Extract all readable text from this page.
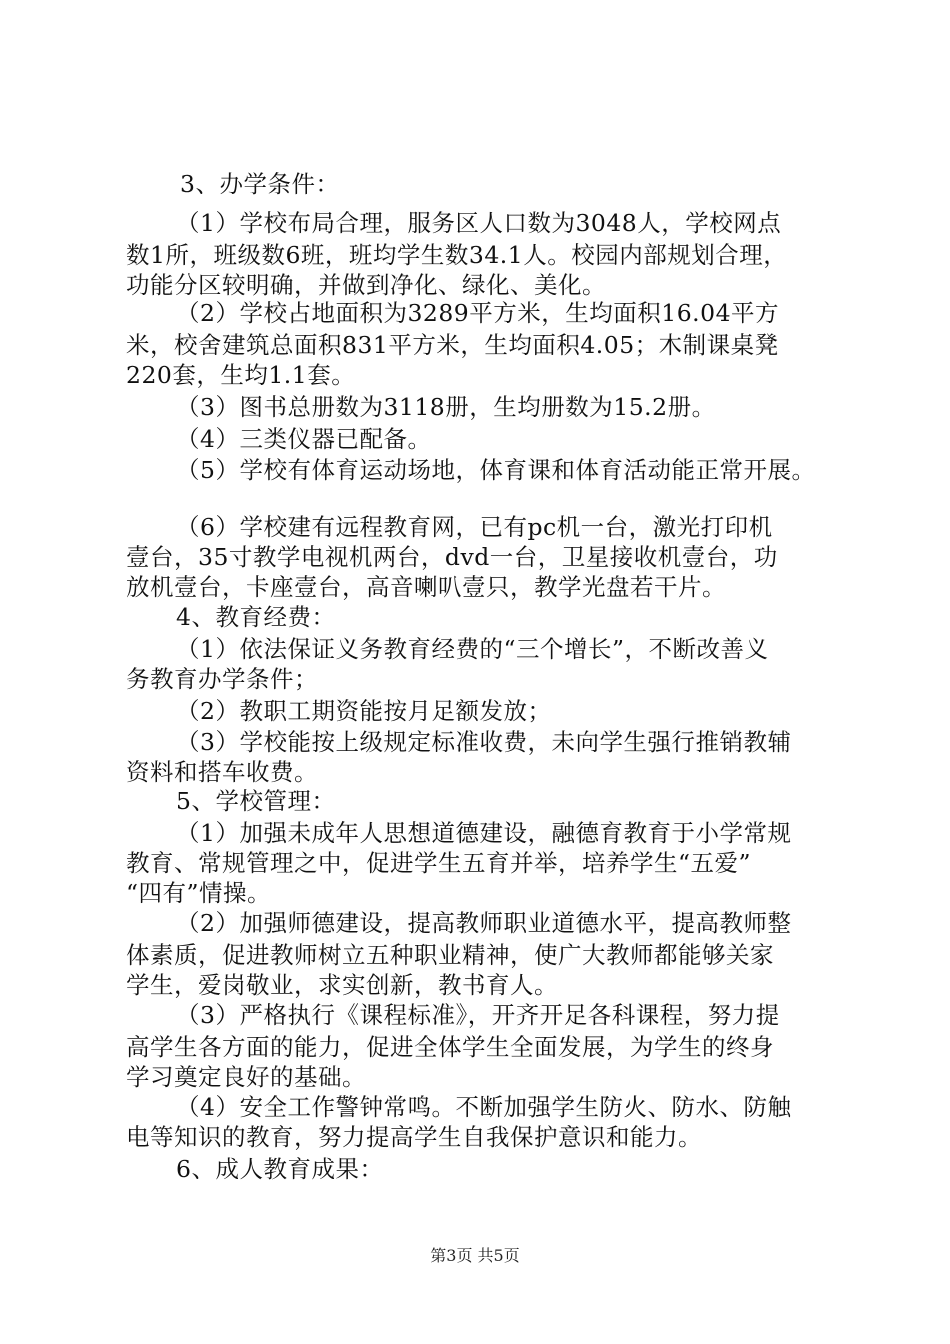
3、办学条件：
（1）学校布局合理，服务区人口数为3048人，学校网点
数1所，班级数6班，班均学生数34.1人。校园内部规划合理，
功能分区较明确，并做到净化、绿化、美化。
（2）学校占地面积为3289平方米，生均面积16.04平方
米，校舍建筑总面积831平方米，生均面积4.05；木制课桌凳
220套，生均1.1套。
（3）图书总册数为3118册，生均册数为15.2册。
（4）三类仪器已配备。
（5）学校有体育运动场地，体育课和体育活动能正常开展。
（6）学校建有远程教育网，已有pc机一台，激光打印机
壹台，35寸教学电视机两台，dvd一台，卫星接收机壹台，功
放机壹台，卡座壹台，高音喇叭壹只，教学光盘若干片。
4、教育经费：
（1）依法保证义务教育经费的“三个增长”，不断改善义
务教育办学条件；
（2）教职工期资能按月足额发放；
（3）学校能按上级规定标准收费，未向学生强行推销教辅
资料和搭车收费。
5、学校管理：
（1）加强未成年人思想道德建设，融德育教育于小学常规
教育、常规管理之中，促进学生五育并举，培养学生“五爱”
“四有”情操。
（2）加强师德建设，提高教师职业道德水平，提高教师整
体素质，促进教师树立五种职业精神，使广大教师都能够关家
学生，爱岗敬业，求实创新，教书育人。
（3）严格执行《课程标准》，开齐开足各科课程，努力提
高学生各方面的能力，促进全体学生全面发展，为学生的终身
学习奠定良好的基础。
（4）安全工作警钟常鸣。不断加强学生防火、防水、防触
电等知识的教育，努力提高学生自我保护意识和能力。
6、成人教育成果：
第3页 共5页
